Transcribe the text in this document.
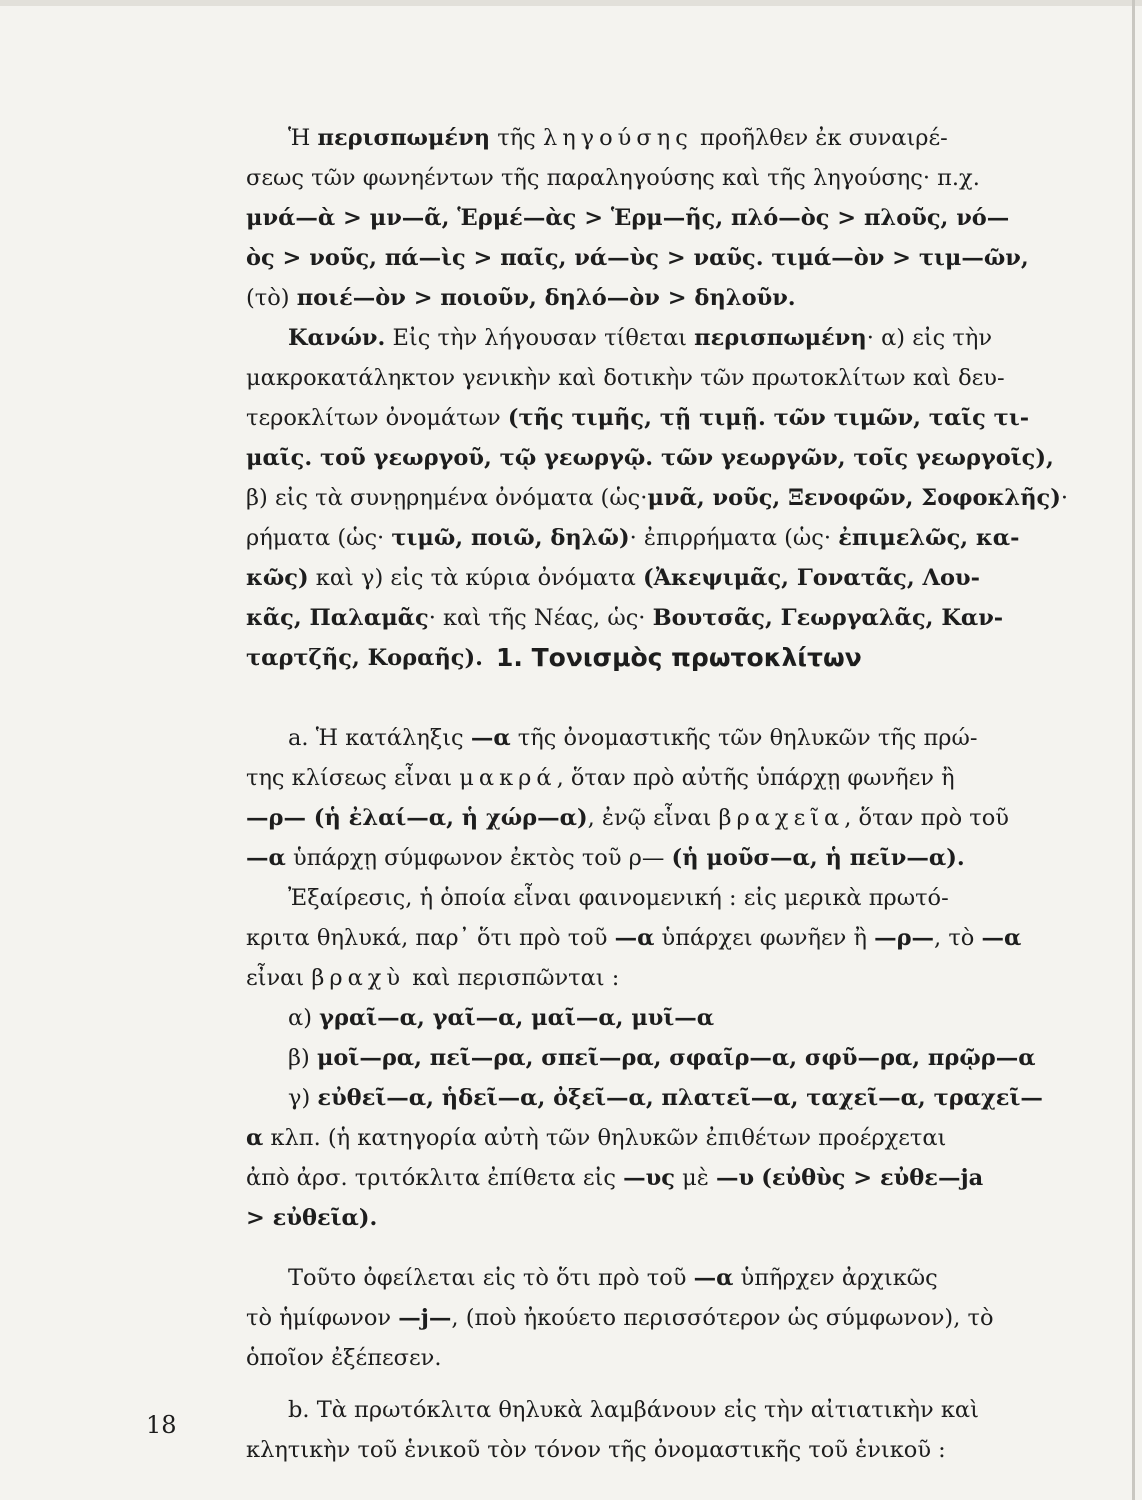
Ἡ περισπωμένη τῆς ληγούσης προῆλθεν ἐκ συναιρέ-
σεως τῶν φωνηέντων τῆς παραληγούσης καὶ τῆς ληγούσης· π.χ.
μνά—ὰ > μν—ᾶ, Ἑρμέ—ὰς > Ἑρμ—ῆς, πλό—ὸς > πλοῦς, νό—
ὸς > νοῦς, πά—ὶς > παῖς, νά—ὺς > ναῦς. τιμά—ὸν > τιμ—ῶν,
(τὸ) ποιέ—ὸν > ποιοῦν, δηλό—ὸν > δηλοῦν.
Κανών. Εἰς τὴν λήγουσαν τίθεται περισπωμένη· α) εἰς τὴν
μακροκατάληκτον γενικὴν καὶ δοτικὴν τῶν πρωτοκλίτων καὶ δευ-
τεροκλίτων ὀνομάτων (τῆς τιμῆς, τῇ τιμῇ. τῶν τιμῶν, ταῖς τι-
μαῖς. τοῦ γεωργοῦ, τῷ γεωργῷ. τῶν γεωργῶν, τοῖς γεωργοῖς),
β) εἰς τὰ συνῃρημένα ὀνόματα (ὡς·μνᾶ, νοῦς, Ξενοφῶν, Σοφοκλῆς)·
ρήματα (ὡς· τιμῶ, ποιῶ, δηλῶ)· ἐπιρρήματα (ὡς· ἐπιμελῶς, κα-
κῶς) καὶ γ) εἰς τὰ κύρια ὀνόματα (Ἀκεψιμᾶς, Γονατᾶς, Λου-
κᾶς, Παλαμᾶς· καὶ τῆς Νέας, ὡς· Βουτσᾶς, Γεωργαλᾶς, Καν-
ταρτζῆς, Κοραῆς). 1. Τονισμὸς πρωτοκλίτων
a. Ἡ κατάληξις —α τῆς ὀνομαστικῆς τῶν θηλυκῶν τῆς πρώ-
της κλίσεως εἶναι μακρά, ὅταν πρὸ αὐτῆς ὑπάρχῃ φωνῆεν ἢ
—ρ— (ἡ ἐλαί—α, ἡ χώρ—α), ἐνῷ εἶναι βραχεῖα, ὅταν πρὸ τοῦ
—α ὑπάρχῃ σύμφωνον ἐκτὸς τοῦ ρ— (ἡ μοῦσ—α, ἡ πεῖν—α).
Ἐξαίρεσις, ἡ ὁποία εἶναι φαινομενική : εἰς μερικὰ πρωτό-
κριτα θηλυκά, παρ᾽ ὅτι πρὸ τοῦ —α ὑπάρχει φωνῆεν ἢ —ρ—, τὸ —α
εἶναι βραχὺ καὶ περισπῶνται :
α) γραῖ—α, γαῖ—α, μαῖ—α, μυῖ—α
β) μοῖ—ρα, πεῖ—ρα, σπεῖ—ρα, σφαῖρ—α, σφῦ—ρα, πρῷρ—α
γ) εὐθεῖ—α, ἡδεῖ—α, ὀξεῖ—α, πλατεῖ—α, ταχεῖ—α, τραχεῖ—
α κλπ. (ἡ κατηγορία αὐτὴ τῶν θηλυκῶν ἐπιθέτων προέρχεται
ἀπὸ ἀρσ. τριτόκλιτα ἐπίθετα εἰς —υς μὲ —υ (εὐθὺς > εὐθε—ja
> εὐθεῖα).
Τοῦτο ὀφείλεται εἰς τὸ ὅτι πρὸ τοῦ —α ὑπῆρχεν ἀρχικῶς
τὸ ἡμίφωνον —j—, (ποὺ ἠκούετο περισσότερον ὡς σύμφωνον), τὸ
ὁποῖον ἐξέπεσεν.
b. Τὰ πρωτόκλιτα θηλυκὰ λαμβάνουν εἰς τὴν αἰτιατικὴν καὶ
κλητικὴν τοῦ ἑνικοῦ τὸν τόνον τῆς ὀνομαστικῆς τοῦ ἑνικοῦ :
18
